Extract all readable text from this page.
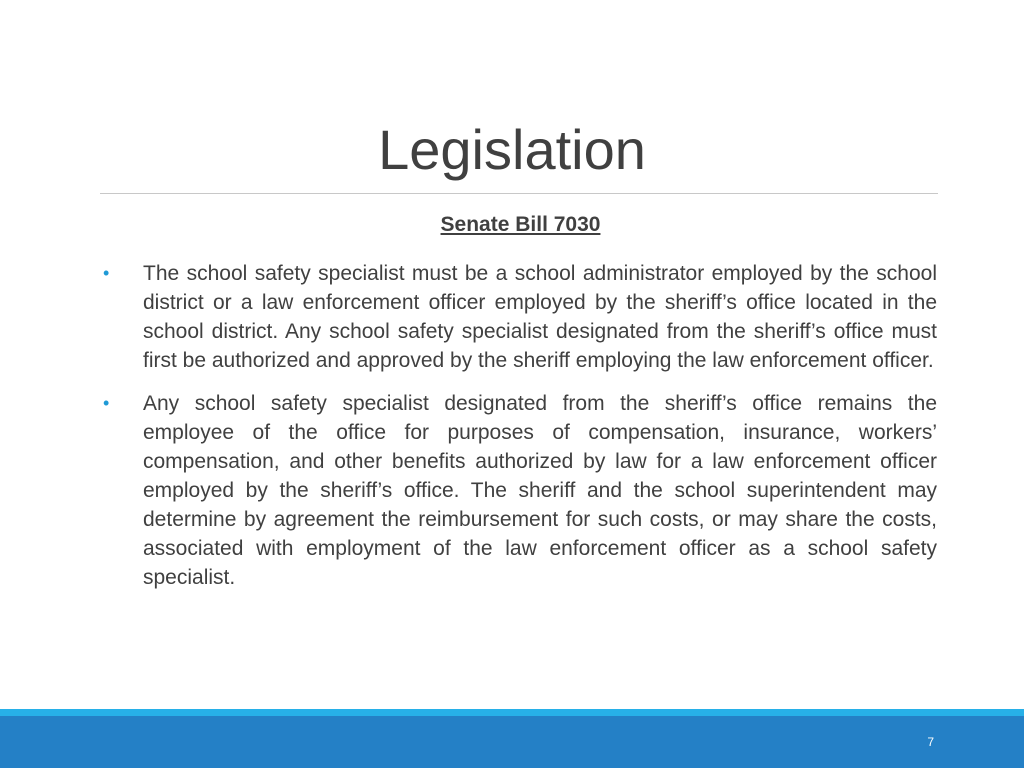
Legislation
Senate Bill 7030
• The school safety specialist must be a school administrator employed by the school district or a law enforcement officer employed by the sheriff’s office located in the school district. Any school safety specialist designated from the sheriff’s office must first be authorized and approved by the sheriff employing the law enforcement officer.
• Any school safety specialist designated from the sheriff’s office remains the employee of the office for purposes of compensation, insurance, workers’ compensation, and other benefits authorized by law for a law enforcement officer employed by the sheriff’s office. The sheriff and the school superintendent may determine by agreement the reimbursement for such costs, or may share the costs, associated with employment of the law enforcement officer as a school safety specialist.
7
